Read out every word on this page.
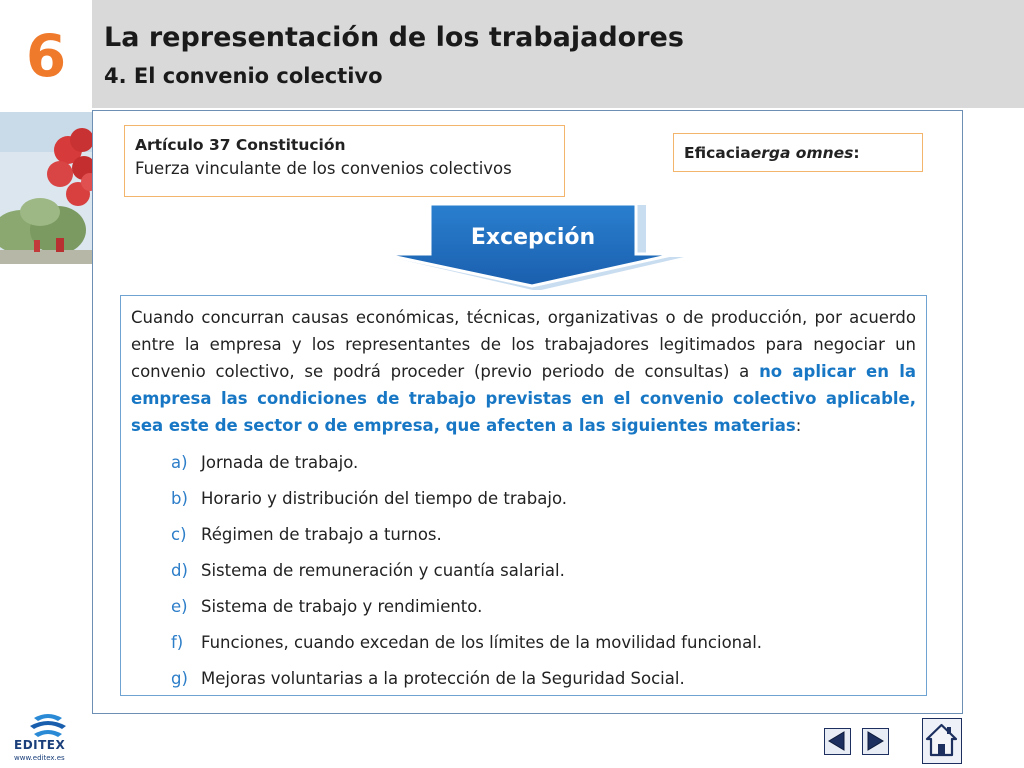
6	La representación de los trabajadores
4. El convenio colectivo
Artículo 37 Constitución
Fuerza vinculante de los convenios colectivos
Eficacia erga omnes :
Excepción

Cuando concurran causas económicas, técnicas, organizativas o de producción, por acuerdo entre la empresa y los representantes de los trabajadores legitimados para negociar un convenio colectivo, se podrá proceder (previo periodo de consultas) a no aplicar en la empresa las condiciones de trabajo previstas en el convenio colectivo aplicable, sea este de sector o de empresa, que afecten a las siguientes materias:

a) Jornada de trabajo.
b) Horario y distribución del tiempo de trabajo.
c) Régimen de trabajo a turnos.
d) Sistema de remuneración y cuantía salarial.
e) Sistema de trabajo y rendimiento.
f) Funciones, cuando excedan de los límites de la movilidad funcional.
g) Mejoras voluntarias a la protección de la Seguridad Social.
EDITEX
www.editex.es
